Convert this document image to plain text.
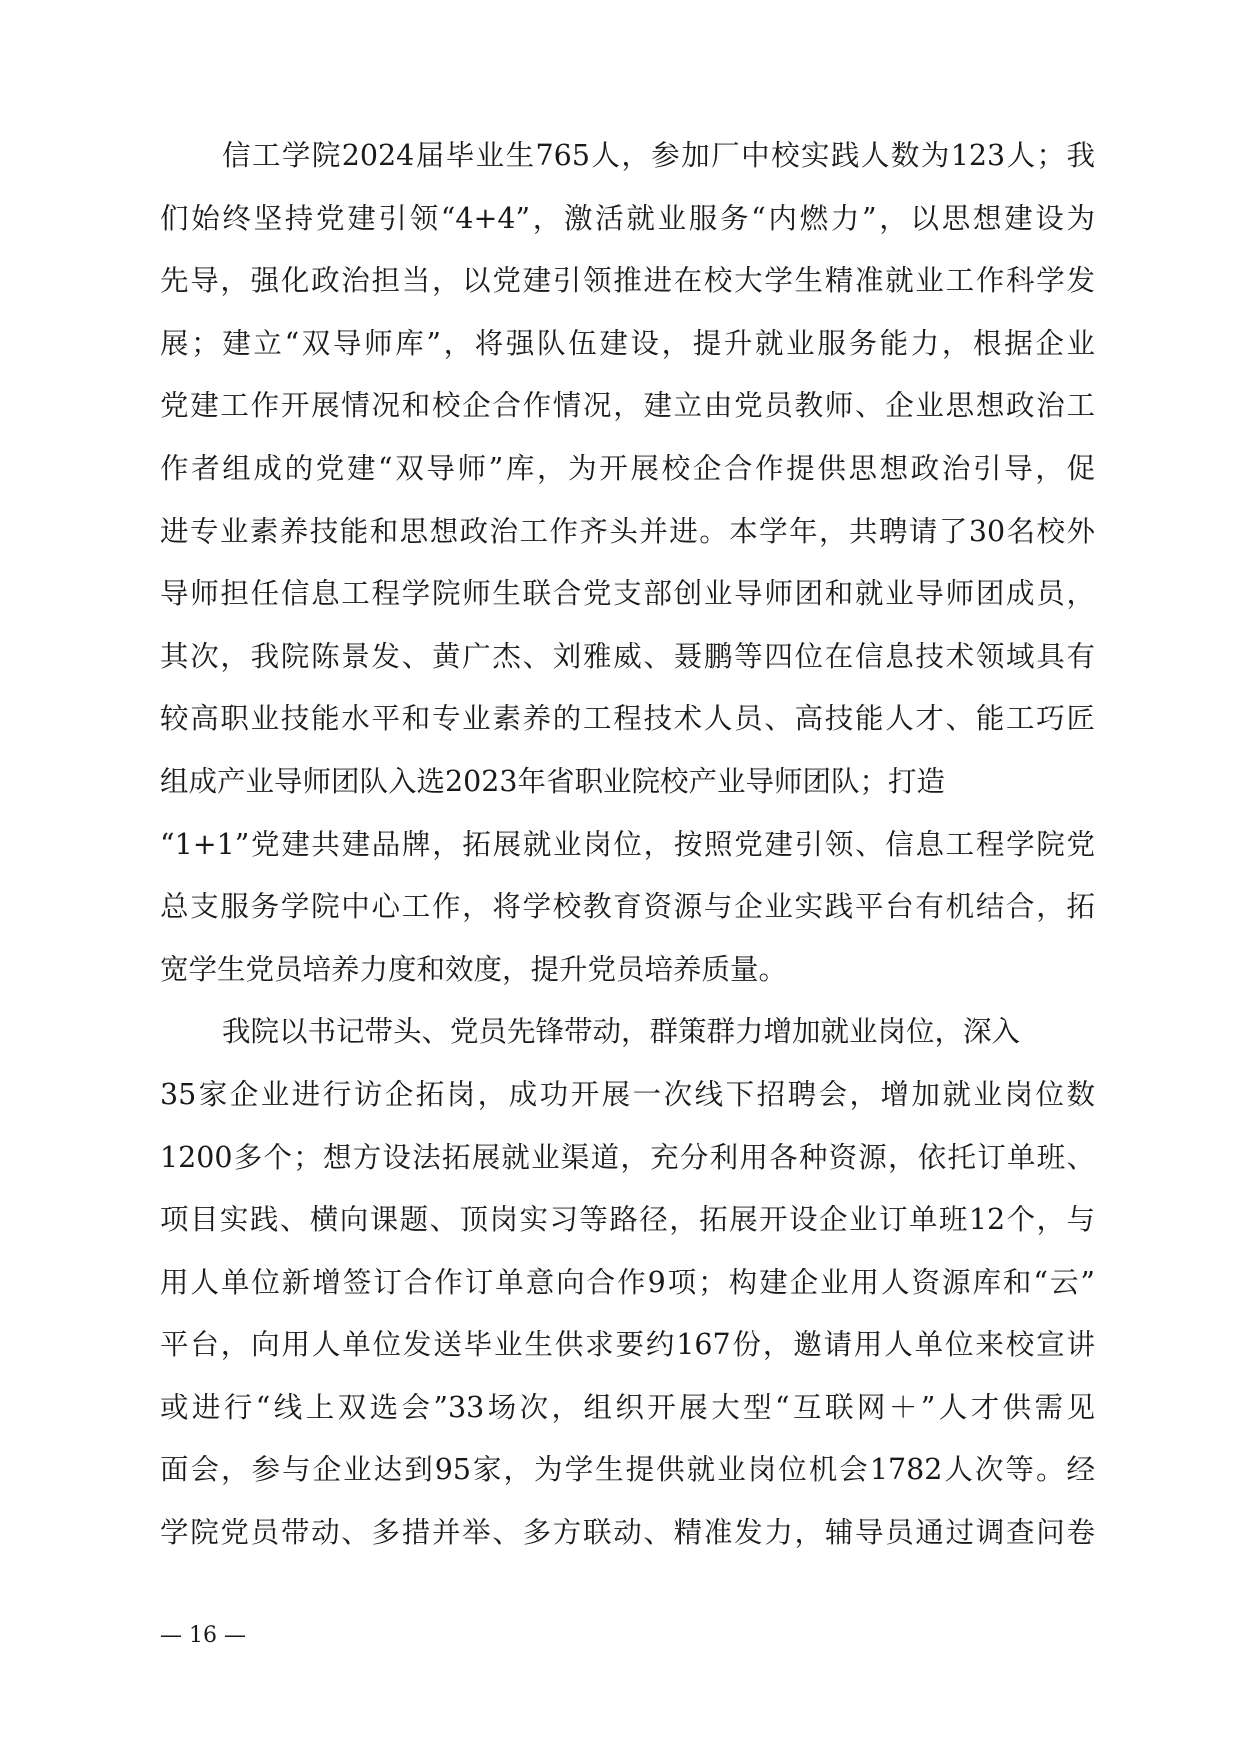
信工学院2024届毕业生765人，参加厂中校实践人数为123人；我
们始终坚持党建引领“4+4”，激活就业服务“内燃力”，以思想建设为
先导，强化政治担当，以党建引领推进在校大学生精准就业工作科学发
展；建立“双导师库”，将强队伍建设，提升就业服务能力，根据企业
党建工作开展情况和校企合作情况，建立由党员教师、企业思想政治工
作者组成的党建“双导师”库，为开展校企合作提供思想政治引导，促
进专业素养技能和思想政治工作齐头并进。本学年，共聘请了30名校外
导师担任信息工程学院师生联合党支部创业导师团和就业导师团成员，
其次，我院陈景发、黄广杰、刘雅威、聂鹏等四位在信息技术领域具有
较高职业技能水平和专业素养的工程技术人员、高技能人才、能工巧匠
组成产业导师团队入选2023年省职业院校产业导师团队；打造
“1+1”党建共建品牌，拓展就业岗位，按照党建引领、信息工程学院党
总支服务学院中心工作，将学校教育资源与企业实践平台有机结合，拓
宽学生党员培养力度和效度，提升党员培养质量。
我院以书记带头、党员先锋带动，群策群力增加就业岗位，深入
35家企业进行访企拓岗，成功开展一次线下招聘会，增加就业岗位数
1200多个；想方设法拓展就业渠道，充分利用各种资源，依托订单班、
项目实践、横向课题、顶岗实习等路径，拓展开设企业订单班12个，与
用人单位新增签订合作订单意向合作9项；构建企业用人资源库和“云”
平台，向用人单位发送毕业生供求要约167份，邀请用人单位来校宣讲
或进行“线上双选会”33场次，组织开展大型“互联网＋”人才供需见
面会，参与企业达到95家，为学生提供就业岗位机会1782人次等。经
学院党员带动、多措并举、多方联动、精准发力，辅导员通过调查问卷
— 16 —
